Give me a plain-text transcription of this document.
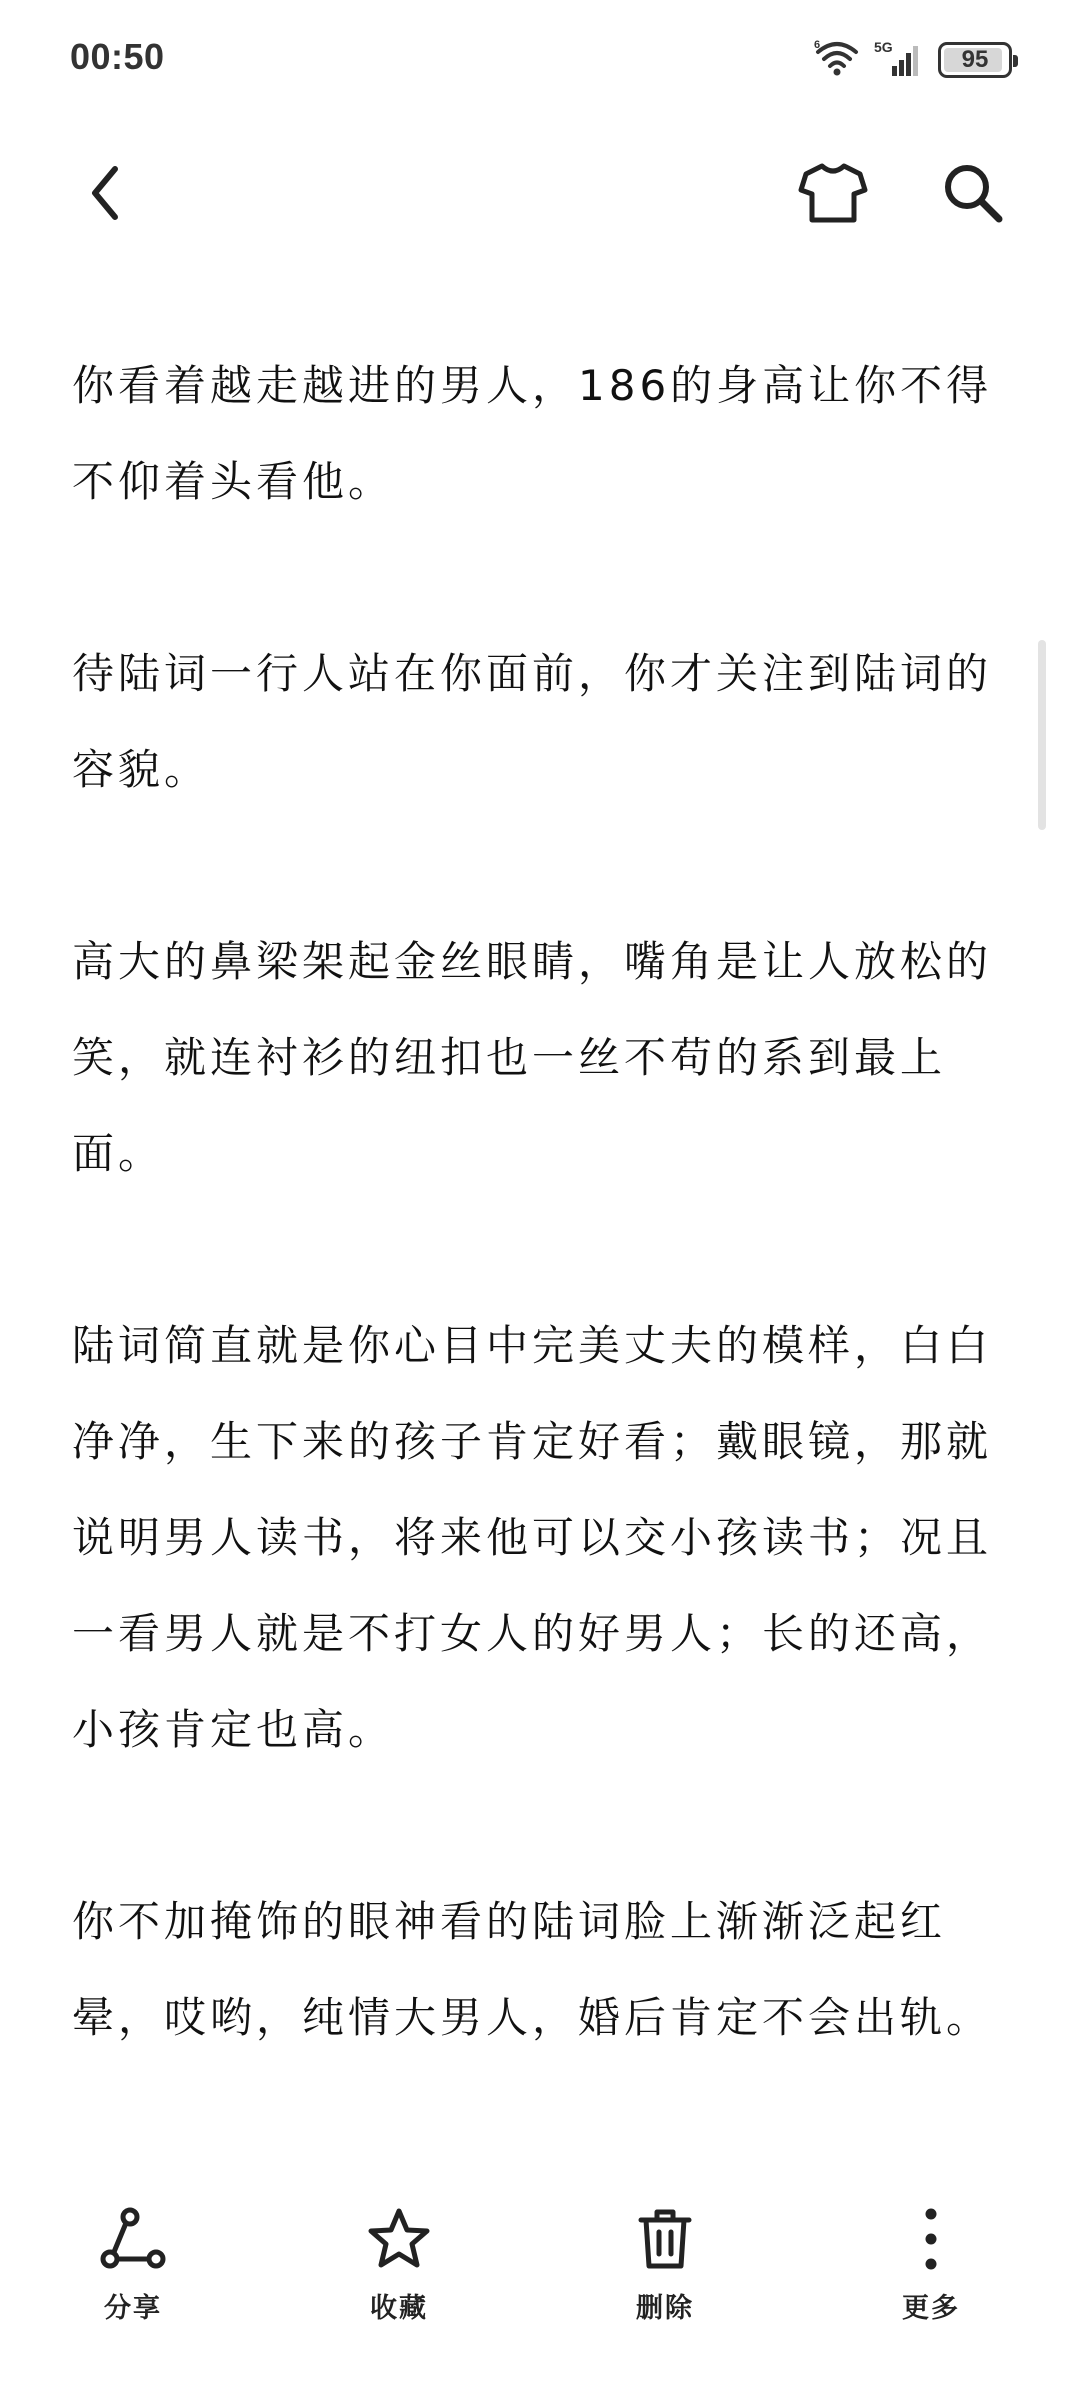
00:50	6	5G	95

你看着越走越进的男人，186的身高让你不得不仰着头看他。

待陆词一行人站在你面前，你才关注到陆词的容貌。

高大的鼻梁架起金丝眼睛，嘴角是让人放松的笑，就连衬衫的纽扣也一丝不苟的系到最上面。

陆词简直就是你心目中完美丈夫的模样，白白净净，生下来的孩子肯定好看；戴眼镜，那就说明男人读书，将来他可以交小孩读书；况且一看男人就是不打女人的好男人；长的还高，小孩肯定也高。

你不加掩饰的眼神看的陆词脸上渐渐泛起红晕，哎哟，纯情大男人，婚后肯定不会出轨。

分享	收藏	删除	更多
